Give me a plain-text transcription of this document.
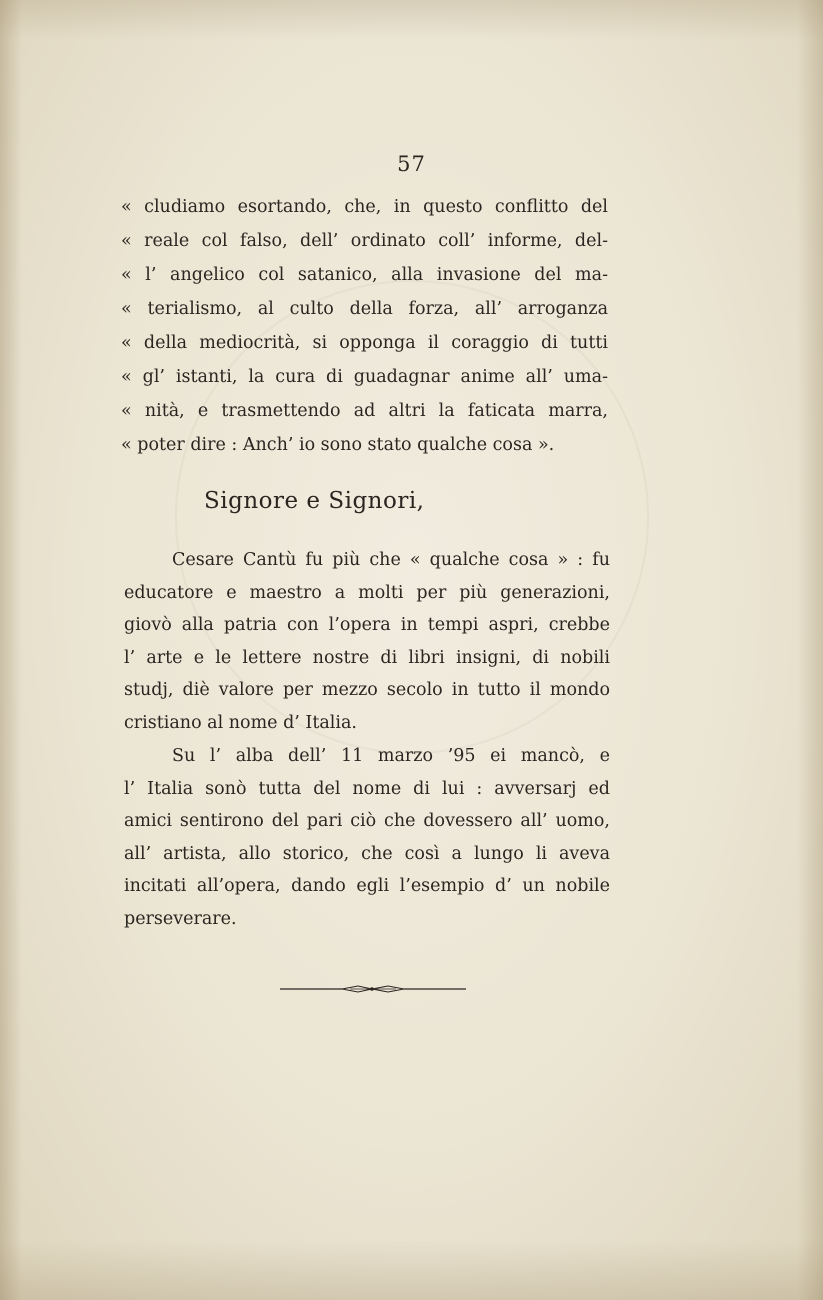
57
« cludiamo esortando, che, in questo conflitto del
« reale col falso, dell’ ordinato coll’ informe, del-
« l’ angelico col satanico, alla invasione del ma-
« terialismo, al culto della forza, all’ arroganza
« della mediocrità, si opponga il coraggio di tutti
« gl’ istanti, la cura di guadagnar anime all’ uma-
« nità, e trasmettendo ad altri la faticata marra,
« poter dire : Anch’ io sono stato qualche cosa ».
Signore e Signori,
Cesare Cantù fu più che « qualche cosa » : fu
educatore e maestro a molti per più generazioni,
giovò alla patria con l’opera in tempi aspri, crebbe
l’ arte e le lettere nostre di libri insigni, di nobili
studj, diè valore per mezzo secolo in tutto il mondo
cristiano al nome d’ Italia.
Su l’ alba dell’ 11 marzo ’95 ei mancò, e
l’ Italia sonò tutta del nome di lui : avversarj ed
amici sentirono del pari ciò che dovessero all’ uomo,
all’ artista, allo storico, che così a lungo li aveva
incitati all’opera, dando egli l’esempio d’ un nobile
perseverare.
